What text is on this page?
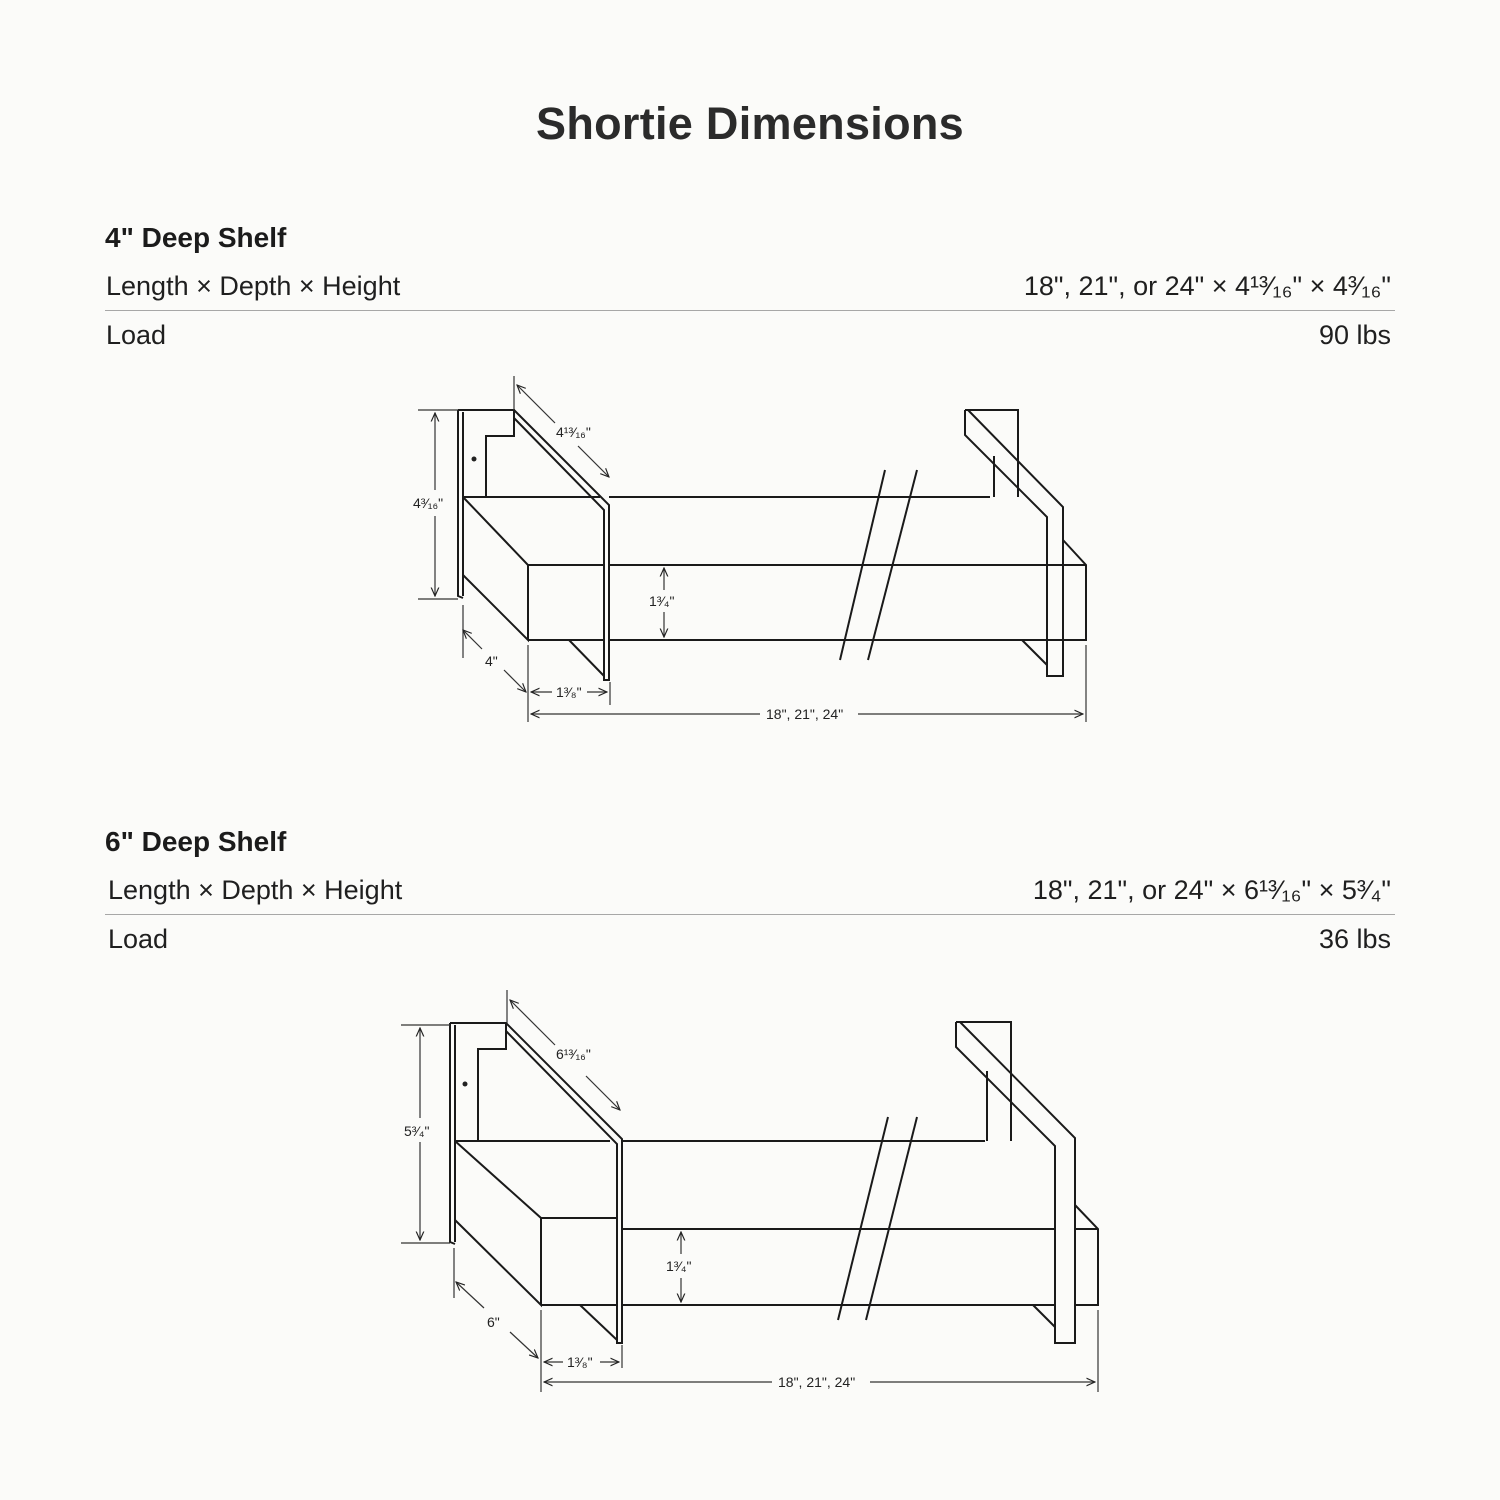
Shortie Dimensions
4" Deep Shelf
Length × Depth × Height	18", 21", or 24" × 4¹³⁄₁₆" × 4³⁄₁₆"
Load	90 lbs
4³⁄₁₆"
4¹³⁄₁₆"
4"
1³⁄₄"
1³⁄₈"
18", 21", 24"
6" Deep Shelf
Length × Depth × Height	18", 21", or 24" × 6¹³⁄₁₆" × 5³⁄₄"
Load	36 lbs
5³⁄₄"
6¹³⁄₁₆"
6"
1³⁄₄"
1³⁄₈"
18", 21", 24"
